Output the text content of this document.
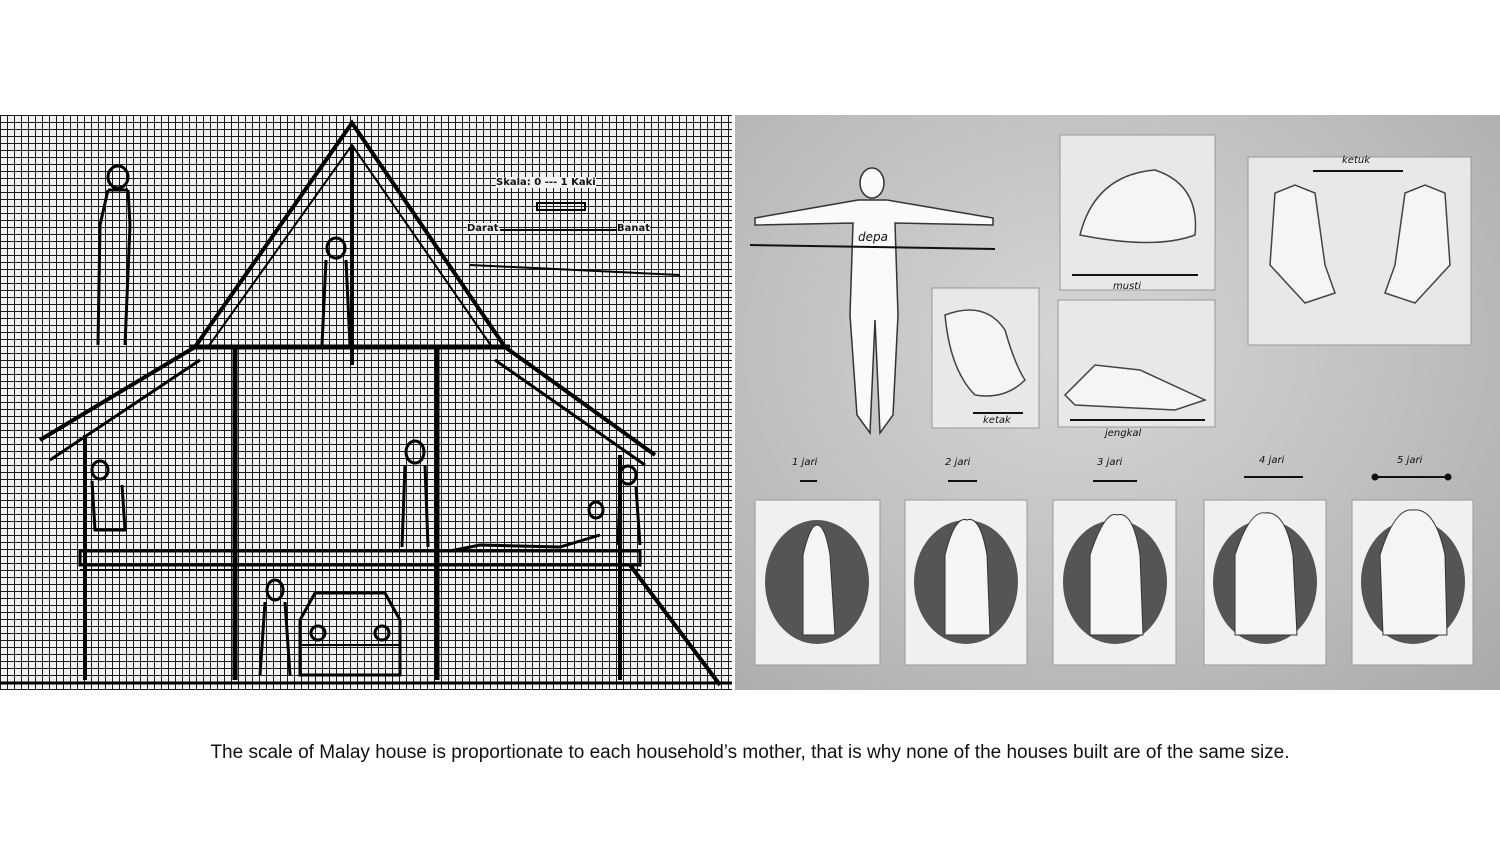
Skala: 0 --- 1 Kaki
Darat	Banat
depa
musti
ketuk
ketak
jengkal
1 jari	2 jari	3 jari	4 jari	5 jari
The scale of Malay house is proportionate to each household’s mother, that is why none of the houses built are of the same size.
